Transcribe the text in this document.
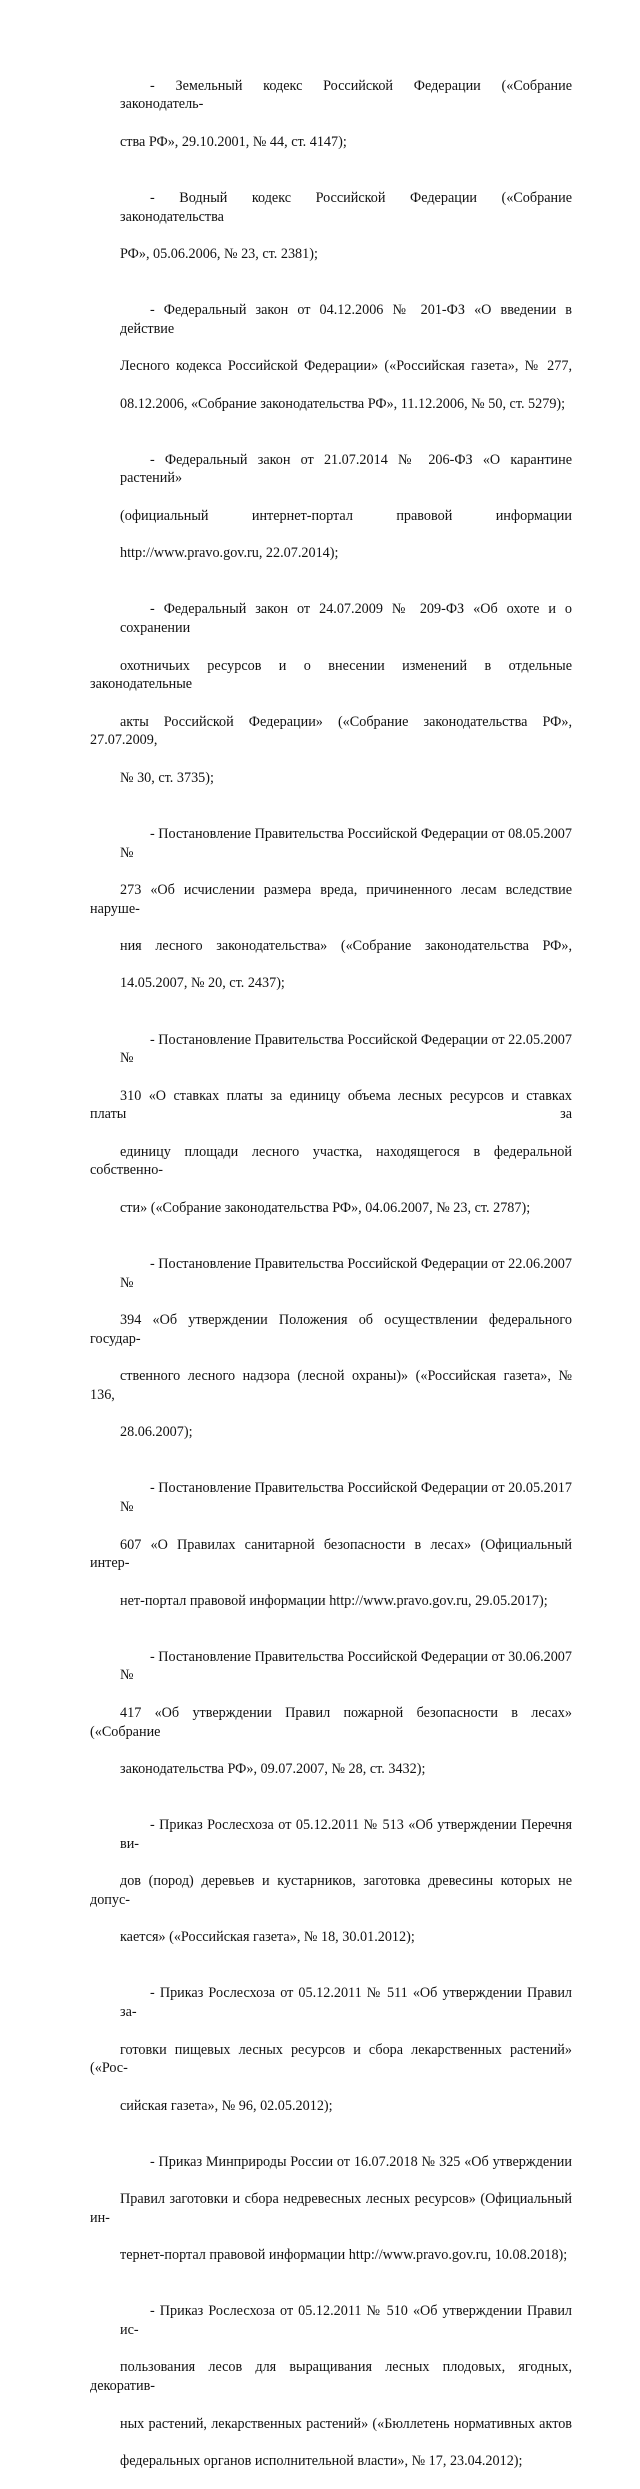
- Земельный кодекс Российской Федерации («Собрание законодатель-

ства РФ», 29.10.2001, № 44, ст. 4147);

- Водный кодекс Российской Федерации («Собрание законодательства

РФ», 05.06.2006, № 23, ст. 2381);

- Федеральный закон от 04.12.2006 № 201-ФЗ «О введении в действие

Лесного кодекса Российской Федерации» («Российская газета», № 277,

08.12.2006, «Собрание законодательства РФ», 11.12.2006, № 50, ст. 5279);

- Федеральный закон от 21.07.2014 № 206-ФЗ «О карантине растений»

(официальный интернет-портал правовой информации

http://www.pravo.gov.ru, 22.07.2014);

- Федеральный закон от 24.07.2009 № 209-ФЗ «Об охоте и о сохранении

охотничьих ресурсов и о внесении изменений в отдельные законодательные

акты Российской Федерации» («Собрание законодательства РФ», 27.07.2009,

№ 30, ст. 3735);

- Постановление Правительства Российской Федерации от 08.05.2007 №

273 «Об исчислении размера вреда, причиненного лесам вследствие наруше-

ния лесного законодательства» («Собрание законодательства РФ»,

14.05.2007, № 20, ст. 2437);

- Постановление Правительства Российской Федерации от 22.05.2007 №

310 «О ставках платы за единицу объема лесных ресурсов и ставках платы за

единицу площади лесного участка, находящегося в федеральной собственно-

сти» («Собрание законодательства РФ», 04.06.2007, № 23, ст. 2787);

- Постановление Правительства Российской Федерации от 22.06.2007 №

394 «Об утверждении Положения об осуществлении федерального государ-

ственного лесного надзора (лесной охраны)» («Российская газета», № 136,

28.06.2007);

- Постановление Правительства Российской Федерации от 20.05.2017 №

607 «О Правилах санитарной безопасности в лесах» (Официальный интер-

нет-портал правовой информации http://www.pravo.gov.ru, 29.05.2017);

- Постановление Правительства Российской Федерации от 30.06.2007 №

417 «Об утверждении Правил пожарной безопасности в лесах» («Собрание

законодательства РФ», 09.07.2007, № 28, ст. 3432);

- Приказ Рослесхоза от 05.12.2011 № 513 «Об утверждении Перечня ви-

дов (пород) деревьев и кустарников, заготовка древесины которых не допус-

кается» («Российская газета», № 18, 30.01.2012);

- Приказ Рослесхоза от 05.12.2011 № 511 «Об утверждении Правил за-

готовки пищевых лесных ресурсов и сбора лекарственных растений» («Рос-

сийская газета», № 96, 02.05.2012);

- Приказ Минприроды России от 16.07.2018 № 325 «Об утверждении

Правил заготовки и сбора недревесных лесных ресурсов» (Официальный ин-

тернет-портал правовой информации http://www.pravo.gov.ru, 10.08.2018);

- Приказ Рослесхоза от 05.12.2011 № 510 «Об утверждении Правил ис-

пользования лесов для выращивания лесных плодовых, ягодных, декоратив-

ных растений, лекарственных растений» («Бюллетень нормативных актов

федеральных органов исполнительной власти», № 17, 23.04.2012);
